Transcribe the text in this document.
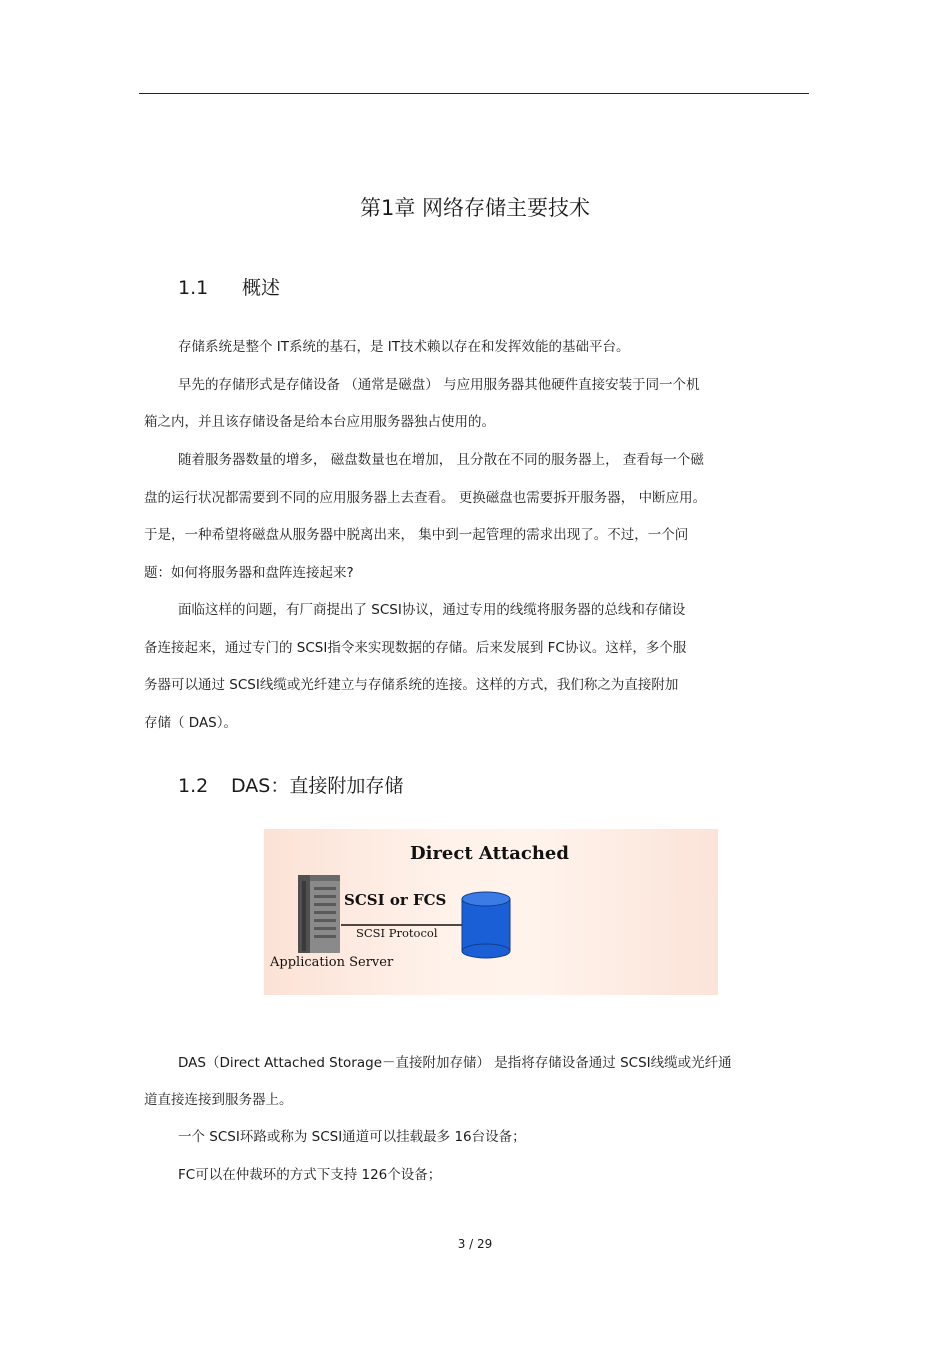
第1章 网络存储主要技术
1.1 概述
存储系统是整个 IT系统的基石，是 IT技术赖以存在和发挥效能的基础平台。
早先的存储形式是存储设备 （通常是磁盘） 与应用服务器其他硬件直接安装于同一个机
箱之内，并且该存储设备是给本台应用服务器独占使用的。
随着服务器数量的增多， 磁盘数量也在增加， 且分散在不同的服务器上， 查看每一个磁
盘的运行状况都需要到不同的应用服务器上去查看。 更换磁盘也需要拆开服务器， 中断应用。
于是，一种希望将磁盘从服务器中脱离出来， 集中到一起管理的需求出现了。不过，一个问
题：如何将服务器和盘阵连接起来?
面临这样的问题，有厂商提出了 SCSI协议，通过专用的线缆将服务器的总线和存储设
备连接起来，通过专门的 SCSI指令来实现数据的存储。后来发展到 FC协议。这样，多个服
务器可以通过 SCSI线缆或光纤建立与存储系统的连接。这样的方式，我们称之为直接附加
存储（ DAS）。
1.2 DAS：直接附加存储
Direct Attached
SCSI or FCS
SCSI Protocol
Application Server
DAS（Direct Attached Storage－直接附加存储） 是指将存储设备通过 SCSI线缆或光纤通
道直接连接到服务器上。
一个 SCSI环路或称为 SCSI通道可以挂载最多 16台设备；
FC可以在仲裁环的方式下支持 126个设备；
3 / 29
